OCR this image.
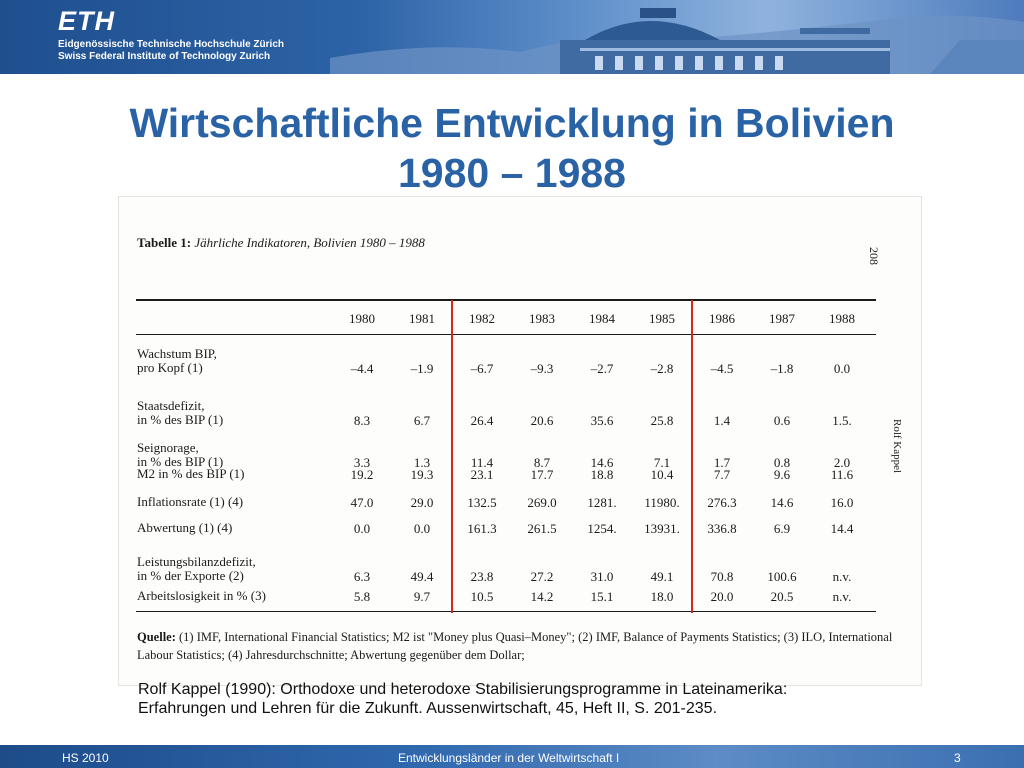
ETH
Eidgenössische Technische Hochschule Zürich
Swiss Federal Institute of Technology Zurich
Wirtschaftliche Entwicklung in Bolivien
1980 – 1988
Tabelle 1: Jährliche Indikatoren, Bolivien 1980 – 1988
208
Rolf Kappel
1980	1981	1982	1983	1984	1985	1986	1987	1988
Wachstum BIP,
pro Kopf (1)	–4.4	–1.9	–6.7	–9.3	–2.7	–2.8	–4.5	–1.8	0.0
Staatsdefizit,
in % des BIP (1)	8.3	6.7	26.4	20.6	35.6	25.8	1.4	0.6	1.5.
Seignorage,
in % des BIP (1)	3.3	1.3	11.4	8.7	14.6	7.1	1.7	0.8	2.0
M2 in % des BIP (1)	19.2	19.3	23.1	17.7	18.8	10.4	7.7	9.6	11.6
Inflationsrate (1) (4)	47.0	29.0	132.5	269.0	1281.	11980.	276.3	14.6	16.0
Abwertung (1) (4)	0.0	0.0	161.3	261.5	1254.	13931.	336.8	6.9	14.4
Leistungsbilanzdefizit,
in % der Exporte (2)	6.3	49.4	23.8	27.2	31.0	49.1	70.8	100.6	n.v.
Arbeitslosigkeit in % (3)	5.8	9.7	10.5	14.2	15.1	18.0	20.0	20.5	n.v.
Quelle: (1) IMF, International Financial Statistics; M2 ist "Money plus Quasi–Money"; (2) IMF, Balance of Payments Statistics; (3) ILO, International Labour Statistics; (4) Jahresdurchschnitte; Abwertung gegenüber dem Dollar;
Rolf Kappel (1990): Orthodoxe und heterodoxe Stabilisierungsprogramme in Lateinamerika:
Erfahrungen und Lehren für die Zukunft. Aussenwirtschaft, 45, Heft II, S. 201-235.
HS 2010	Entwicklungsländer in der Weltwirtschaft I	3
